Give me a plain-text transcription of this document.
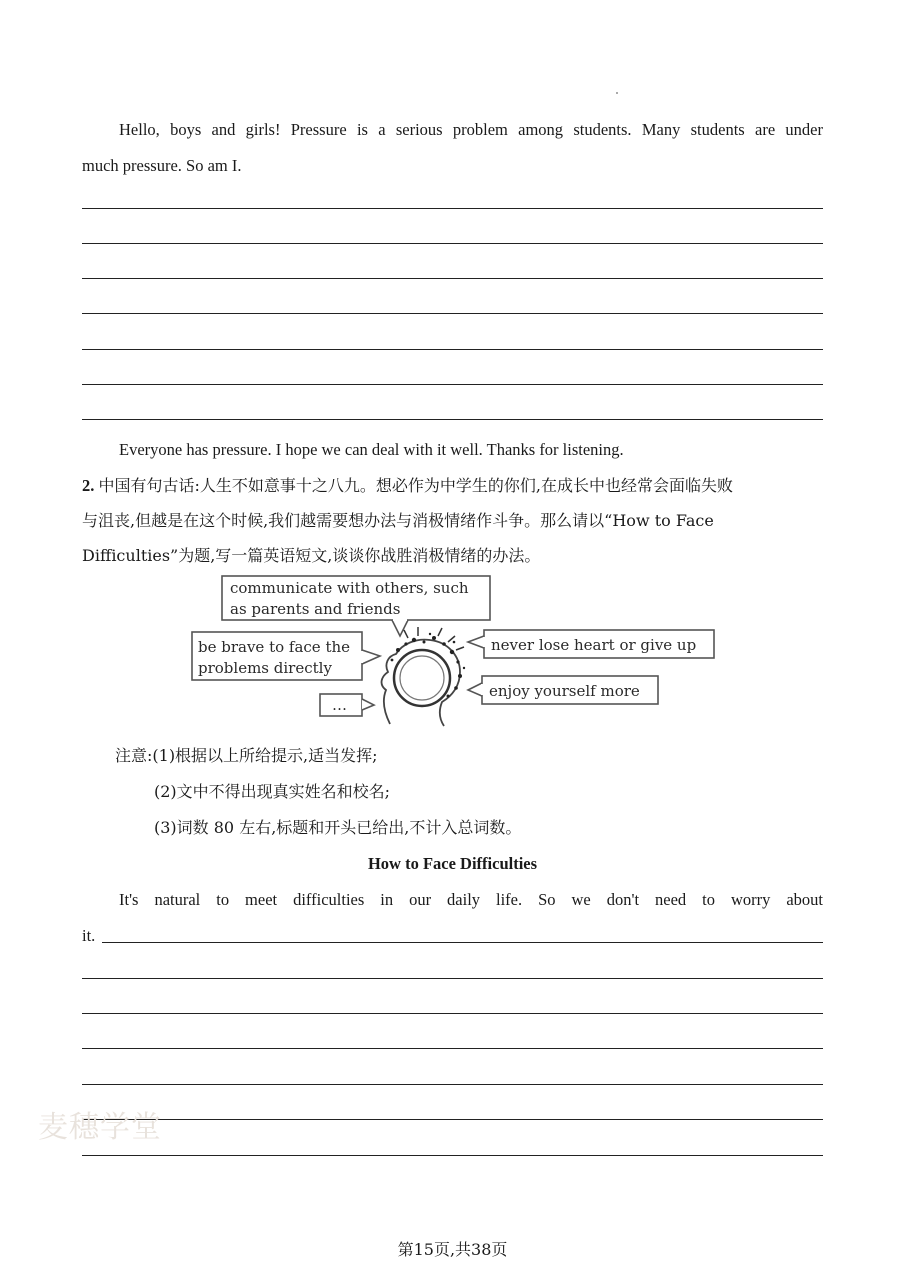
Hello, boys and girls! Pressure is a serious problem among students. Many students are under
much pressure. So am I.
Everyone has pressure. I hope we can deal with it well. Thanks for listening.
2. 中国有句古话:人生不如意事十之八九。想必作为中学生的你们,在成长中也经常会面临失败
与沮丧,但越是在这个时候,我们越需要想办法与消极情绪作斗争。那么请以“How to Face
Difficulties”为题,写一篇英语短文,谈谈你战胜消极情绪的办法。
communicate with others, such
as parents and friends
be brave to face the
problems directly
never lose heart or give up
enjoy yourself more
…
注意:(1)根据以上所给提示,适当发挥;
(2)文中不得出现真实姓名和校名;
(3)词数 80 左右,标题和开头已给出,不计入总词数。
How to Face Difficulties
It's natural to meet difficulties in our daily life. So we don't need to worry about
it.
麦穗学堂
第15页,共38页
